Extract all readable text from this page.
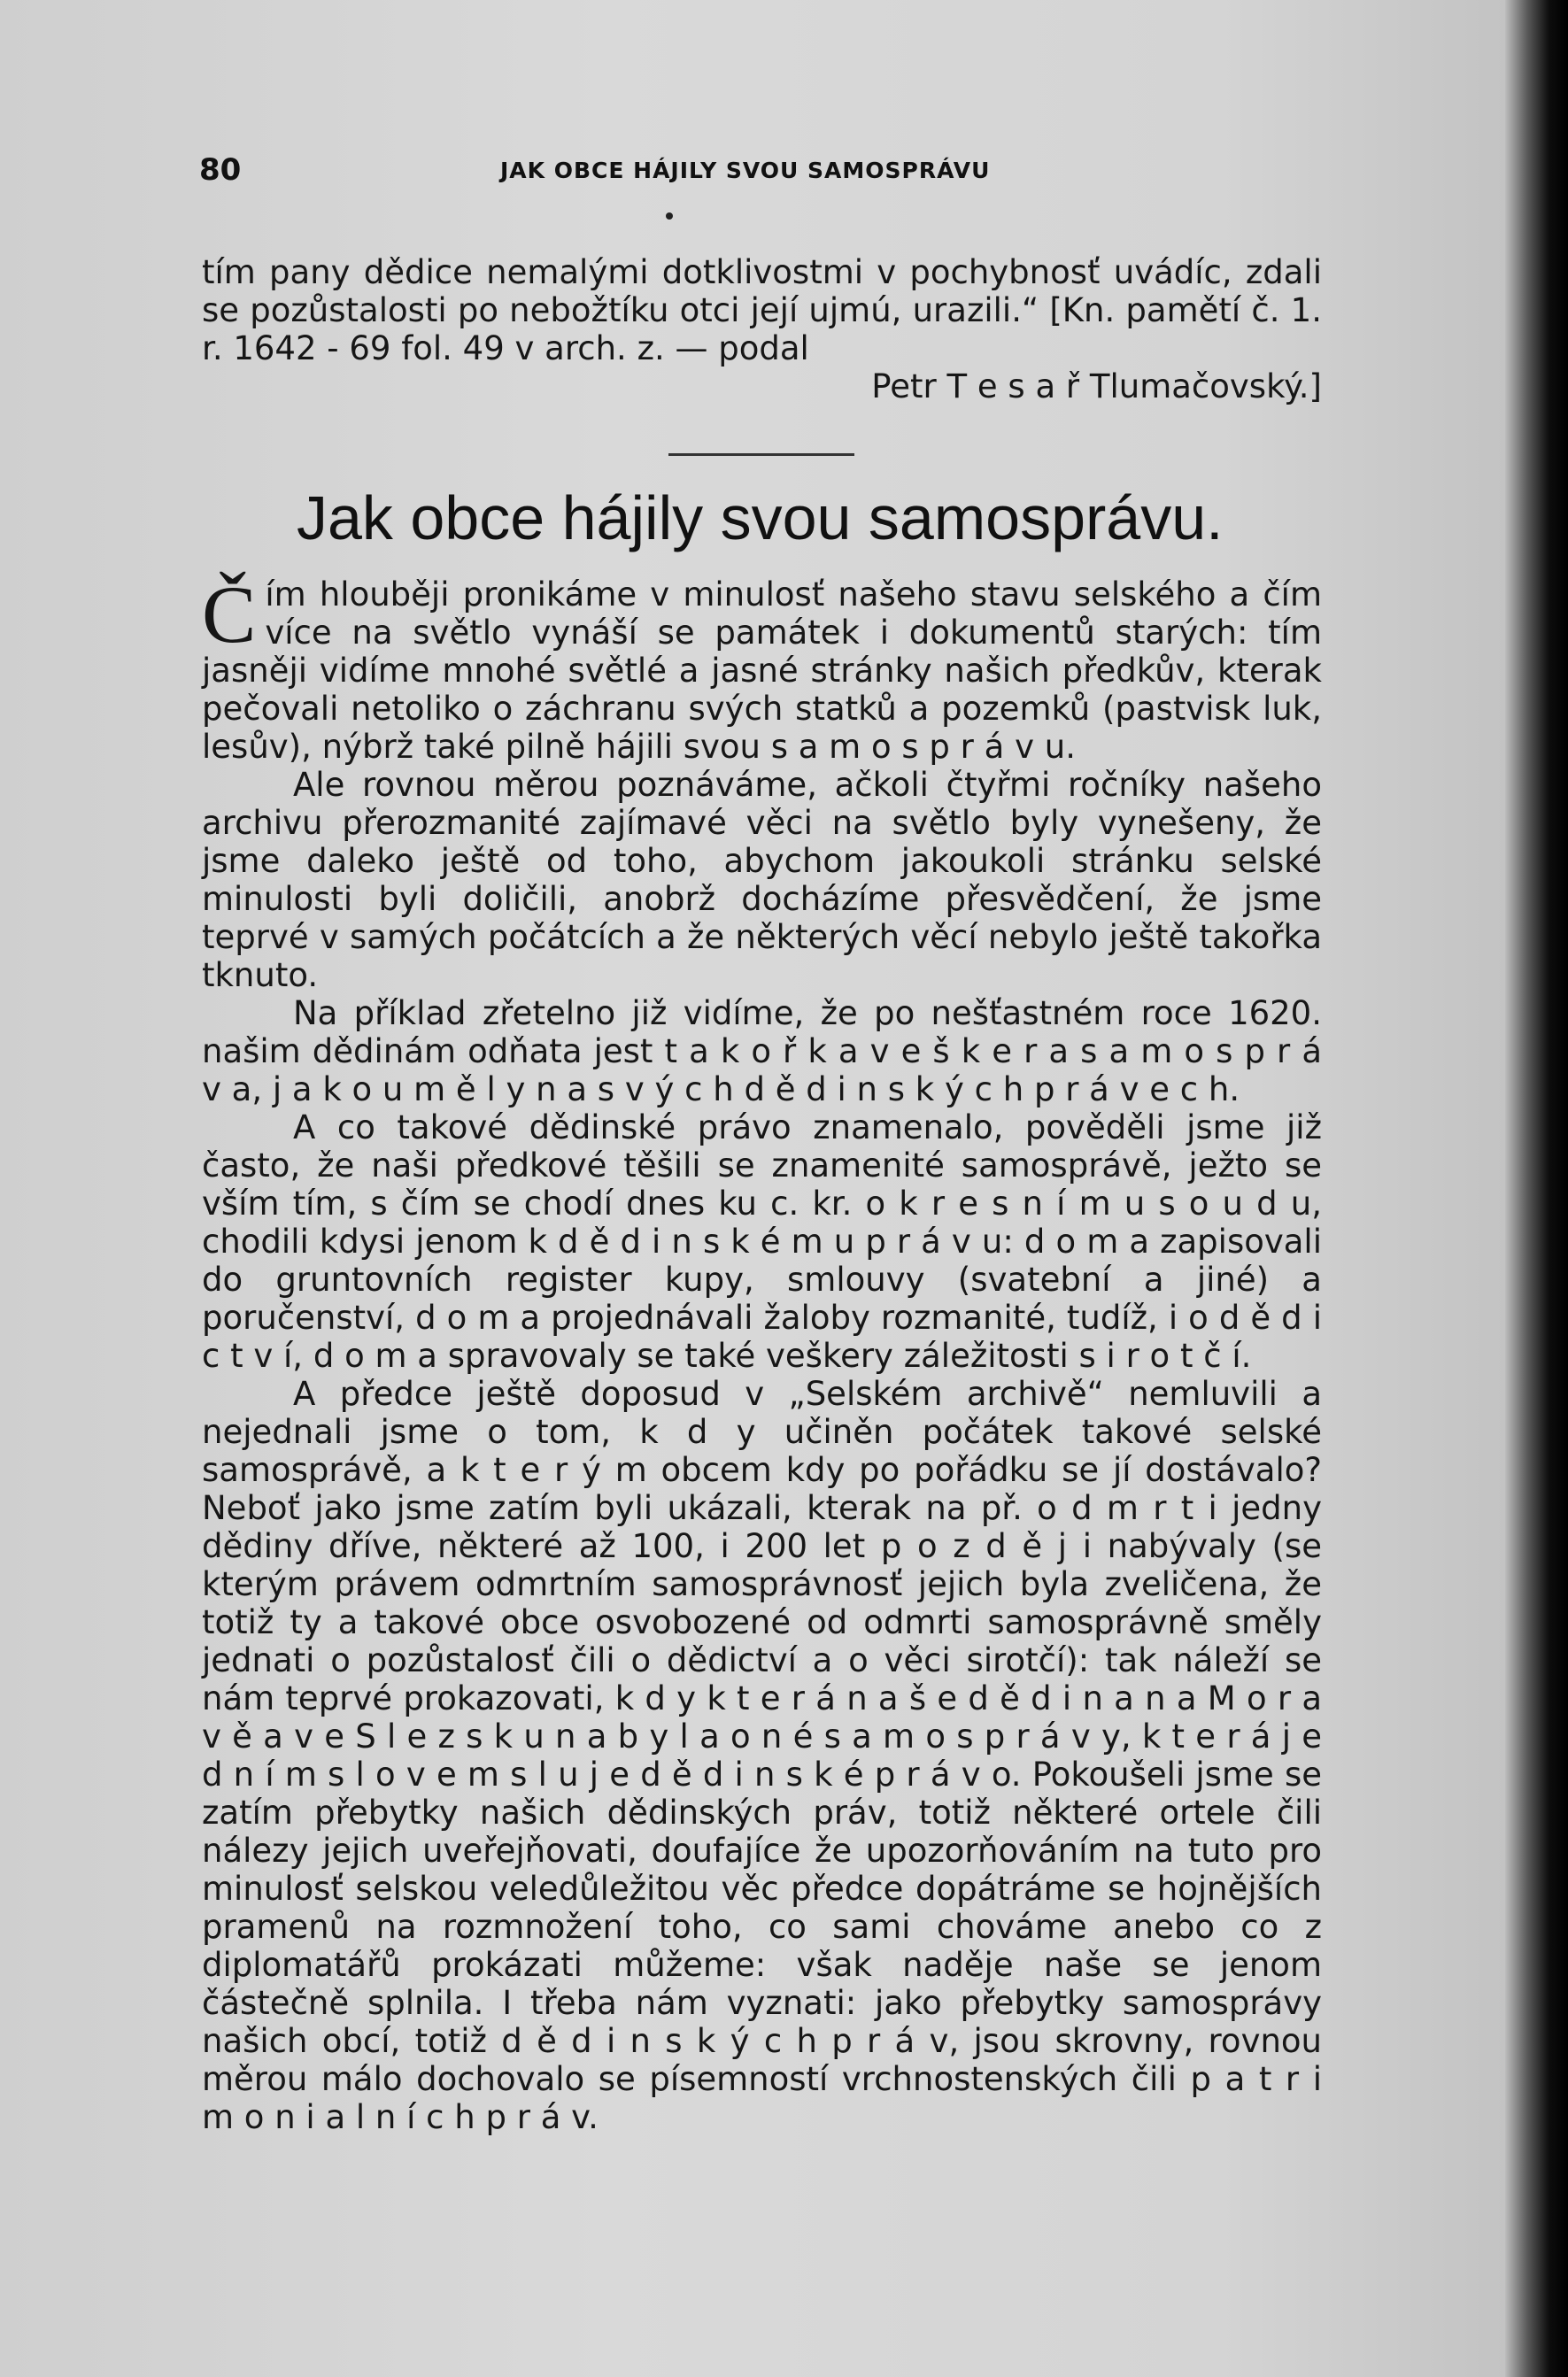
80	JAK OBCE HÁJILY SVOU SAMOSPRÁVU

tím pany dědice nemalými dotklivostmi v pochybnosť uvádíc, zdali se pozůstalosti po nebožtíku otci její ujmú, urazili.“ [Kn. pamětí č. 1. r. 1642 - 69 fol. 49 v arch. z. — podal

Petr T e s a ř Tlumačovský.]
Jak obce hájily svou samosprávu.

Čím hlouběji pronikáme v minulosť našeho stavu selského a čím více na světlo vynáší se památek i dokumentů starých: tím jasněji vidíme mnohé světlé a jasné stránky našich předkův, kterak pečovali netoliko o záchranu svých statků a pozemků (pastvisk luk, lesův), nýbrž také pilně hájili svou s a m o s p r á v u.

Ale rovnou měrou poznáváme, ačkoli čtyřmi ročníky našeho archivu přerozmanité zajímavé věci na světlo byly vynešeny, že jsme daleko ještě od toho, abychom jakoukoli stránku selské minulosti byli doličili, anobrž docházíme přesvědčení, že jsme teprvé v samých počátcích a že některých věcí nebylo ještě takořka tknuto.

Na příklad zřetelno již vidíme, že po nešťastném roce 1620. našim dědinám odňata jest t a k o ř k a v e š k e r a s a m o s p r á v a, j a k o u m ě l y n a s v ý c h d ě d i n s k ý c h p r á v e c h.

A co takové dědinské právo znamenalo, pověděli jsme již často, že naši předkové těšili se znamenité samosprávě, ježto se vším tím, s čím se chodí dnes ku c. kr. o k r e s n í m u s o u d u, chodili kdysi jenom k d ě d i n s k é m u p r á v u: d o m a zapisovali do gruntovních register kupy, smlouvy (svatební a jiné) a poručenství, d o m a projednávali žaloby rozmanité, tudíž, i o d ě d i c t v í, d o m a spravovaly se také veškery záležitosti s i r o t č í.

A předce ještě doposud v „Selském archivě“ nemluvili a nejednali jsme o tom, k d y učiněn počátek takové selské samosprávě, a k t e r ý m obcem kdy po pořádku se jí dostávalo? Neboť jako jsme zatím byli ukázali, kterak na př. o d m r t i jedny dědiny dříve, některé až 100, i 200 let p o z d ě j i nabývaly (se kterým právem odmrtním samosprávnosť jejich byla zveličena, že totiž ty a takové obce osvobozené od odmrti samosprávně směly jednati o pozůstalosť čili o dědictví a o věci sirotčí): tak náleží se nám teprvé prokazovati, k d y k t e r á n a š e d ě d i n a n a M o r a v ě a v e S l e z s k u n a b y l a o n é s a m o s p r á v y, k t e r á j e d n í m s l o v e m s l u j e d ě d i n s k é p r á v o. Pokoušeli jsme se zatím přebytky našich dědinských práv, totiž některé ortele čili nálezy jejich uveřejňovati, doufajíce že upozorňováním na tuto pro minulosť selskou veledůležitou věc předce dopátráme se hojnějších pramenů na rozmnožení toho, co sami chováme anebo co z diplomatářů prokázati můžeme: však naděje naše se jenom částečně splnila. I třeba nám vyznati: jako přebytky samosprávy našich obcí, totiž d ě d i n s k ý c h p r á v, jsou skrovny, rovnou měrou málo dochovalo se písemností vrchnostenských čili p a t r i m o n i a l n í c h p r á v.
